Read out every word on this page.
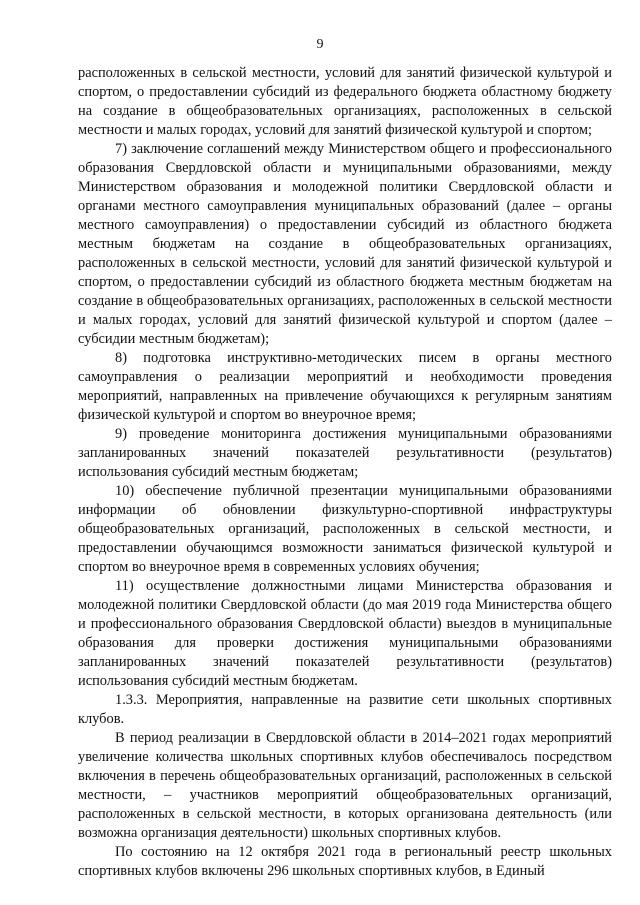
9

расположенных в сельской местности, условий для занятий физической культурой и спортом, о предоставлении субсидий из федерального бюджета областному бюджету на создание в общеобразовательных организациях, расположенных в сельской местности и малых городах, условий для занятий физической культурой и спортом;

7) заключение соглашений между Министерством общего и профессионального образования Свердловской области и муниципальными образованиями, между Министерством образования и молодежной политики Свердловской области и органами местного самоуправления муниципальных образований (далее – органы местного самоуправления) о предоставлении субсидий из областного бюджета местным бюджетам на создание в общеобразовательных организациях, расположенных в сельской местности, условий для занятий физической культурой и спортом, о предоставлении субсидий из областного бюджета местным бюджетам на создание в общеобразовательных организациях, расположенных в сельской местности и малых городах, условий для занятий физической культурой и спортом (далее – субсидии местным бюджетам);

8) подготовка инструктивно-методических писем в органы местного самоуправления о реализации мероприятий и необходимости проведения мероприятий, направленных на привлечение обучающихся к регулярным занятиям физической культурой и спортом во внеурочное время;

9) проведение мониторинга достижения муниципальными образованиями запланированных значений показателей результативности (результатов) использования субсидий местным бюджетам;

10) обеспечение публичной презентации муниципальными образованиями информации об обновлении физкультурно-спортивной инфраструктуры общеобразовательных организаций, расположенных в сельской местности, и предоставлении обучающимся возможности заниматься физической культурой и спортом во внеурочное время в современных условиях обучения;

11) осуществление должностными лицами Министерства образования и молодежной политики Свердловской области (до мая 2019 года Министерства общего и профессионального образования Свердловской области) выездов в муниципальные образования для проверки достижения муниципальными образованиями запланированных значений показателей результативности (результатов) использования субсидий местным бюджетам.

1.3.3. Мероприятия, направленные на развитие сети школьных спортивных клубов.

В период реализации в Свердловской области в 2014–2021 годах мероприятий увеличение количества школьных спортивных клубов обеспечивалось посредством включения в перечень общеобразовательных организаций, расположенных в сельской местности, – участников мероприятий общеобразовательных организаций, расположенных в сельской местности, в которых организована деятельность (или возможна организация деятельности) школьных спортивных клубов.

По состоянию на 12 октября 2021 года в региональный реестр школьных спортивных клубов включены 296 школьных спортивных клубов, в Единый
